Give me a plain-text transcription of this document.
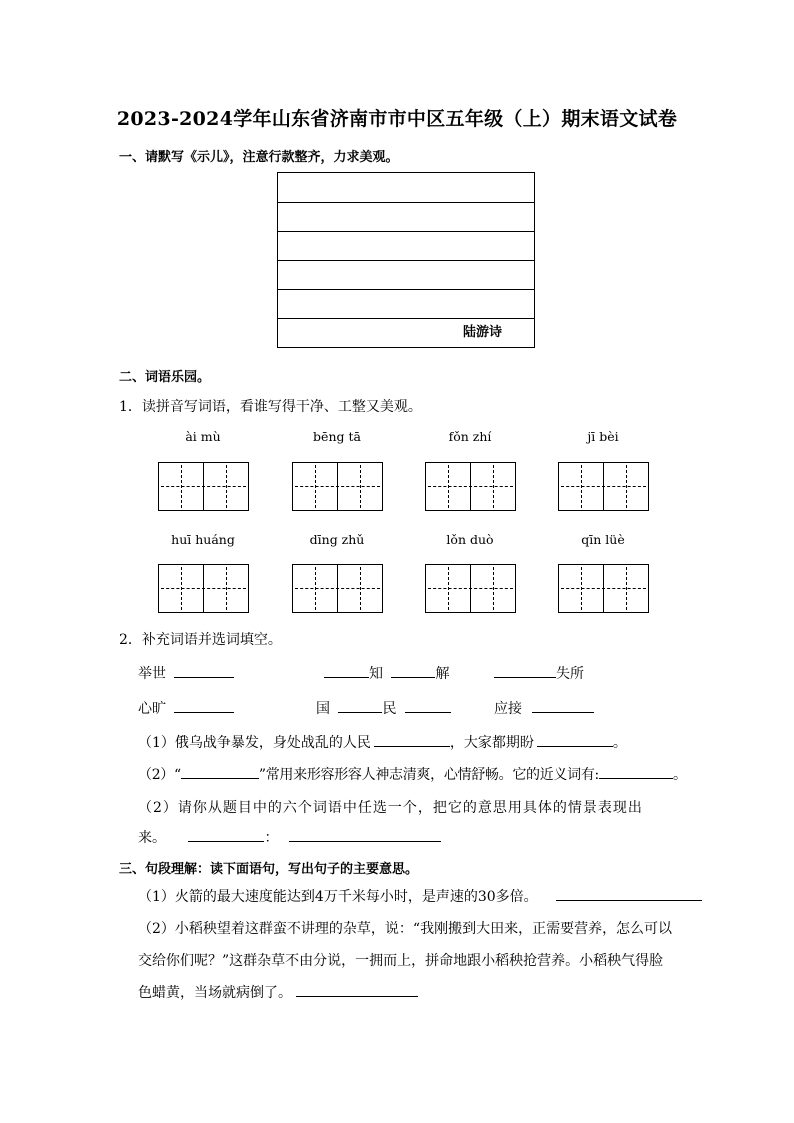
2023-2024学年山东省济南市市中区五年级（上）期末语文试卷
一、请默写《示儿》，注意行款整齐，力求美观。
陆游诗
二、词语乐园。
1．读拼音写词语，看谁写得干净、工整又美观。
ài mù	bēng tā	fǒn zhí	jī bèi
huī huáng	dīng zhǔ	lǒn duò	qīn lüè
2．补充词语并选词填空。
举世	知	解	失所
心旷	国	民	应接
（1）俄乌战争暴发，身处战乱的人民	，大家都期盼	。
（2）“	”常用来形容形容人神志清爽，心情舒畅。它的近义词有:	。
（2）请你从题目中的六个词语中任选一个，把它的意思用具体的情景表现出
来。	：
三、句段理解：读下面语句，写出句子的主要意思。
（1）火箭的最大速度能达到4万千米每小时，是声速的30多倍。
（2）小稻秧望着这群蛮不讲理的杂草，说：“我刚搬到大田来，正需要营养，怎么可以
交给你们呢？”这群杂草不由分说，一拥而上，拼命地跟小稻秧抢营养。小稻秧气得脸
色蜡黄，当场就病倒了。
